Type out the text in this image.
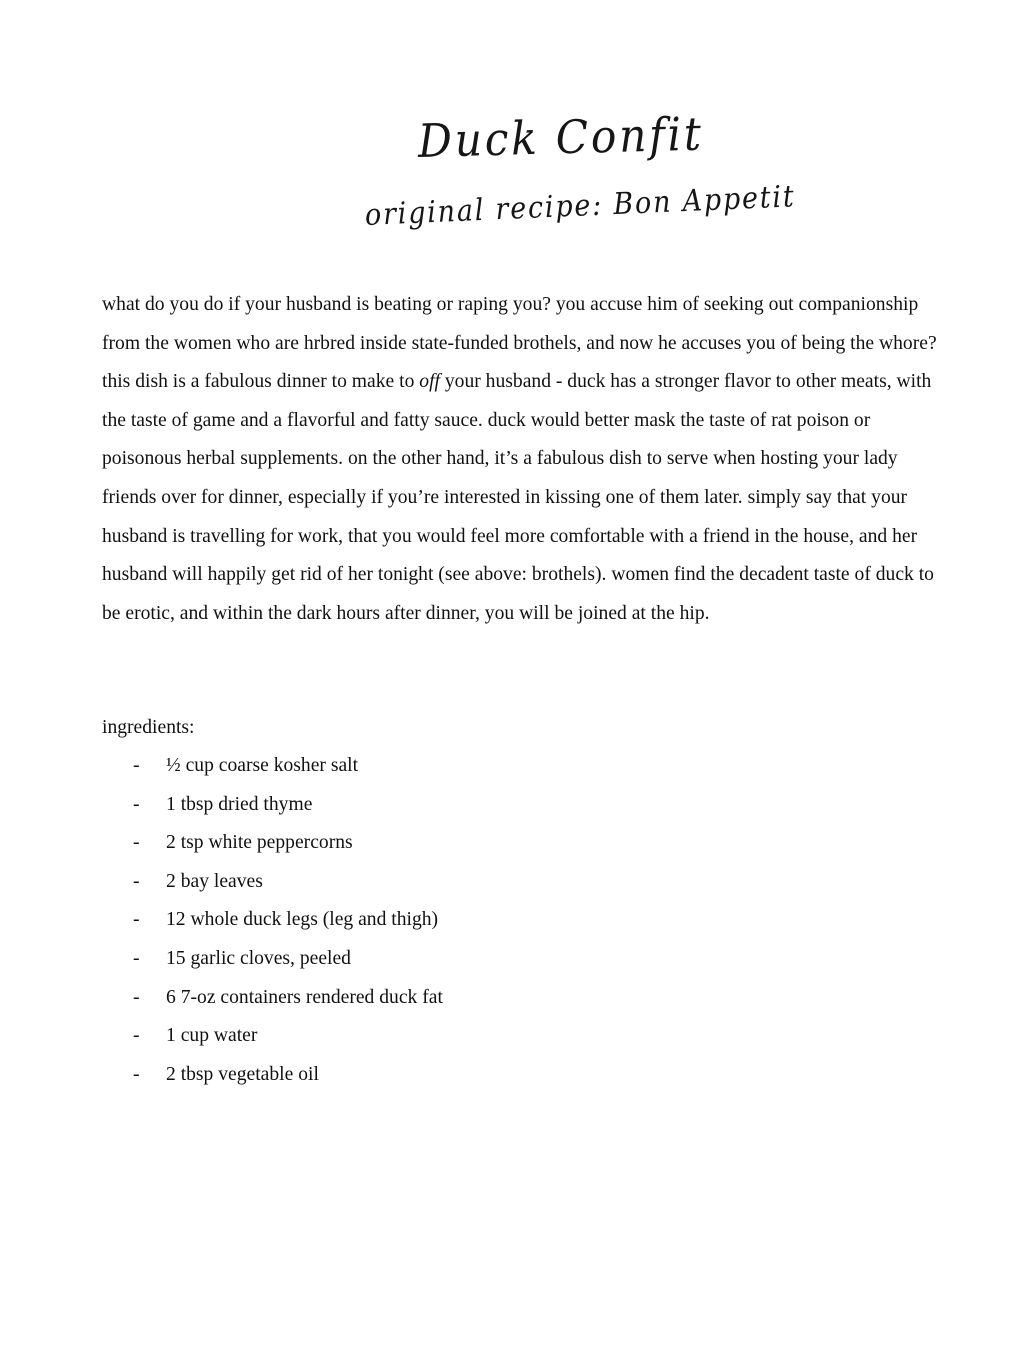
Duck Confit
original recipe: Bon Appetit

what do you do if your husband is beating or raping you? you accuse him of seeking out companionship from the women who are hrbred inside state-funded brothels, and now he accuses you of being the whore? this dish is a fabulous dinner to make to off your husband - duck has a stronger flavor to other meats, with the taste of game and a flavorful and fatty sauce. duck would better mask the taste of rat poison or poisonous herbal supplements. on the other hand, it’s a fabulous dish to serve when hosting your lady friends over for dinner, especially if you’re interested in kissing one of them later. simply say that your husband is travelling for work, that you would feel more comfortable with a friend in the house, and her husband will happily get rid of her tonight (see above: brothels). women find the decadent taste of duck to be erotic, and within the dark hours after dinner, you will be joined at the hip.

ingredients:

- ½ cup coarse kosher salt
- 1 tbsp dried thyme
- 2 tsp white peppercorns
- 2 bay leaves
- 12 whole duck legs (leg and thigh)
- 15 garlic cloves, peeled
- 6 7-oz containers rendered duck fat
- 1 cup water
- 2 tbsp vegetable oil
